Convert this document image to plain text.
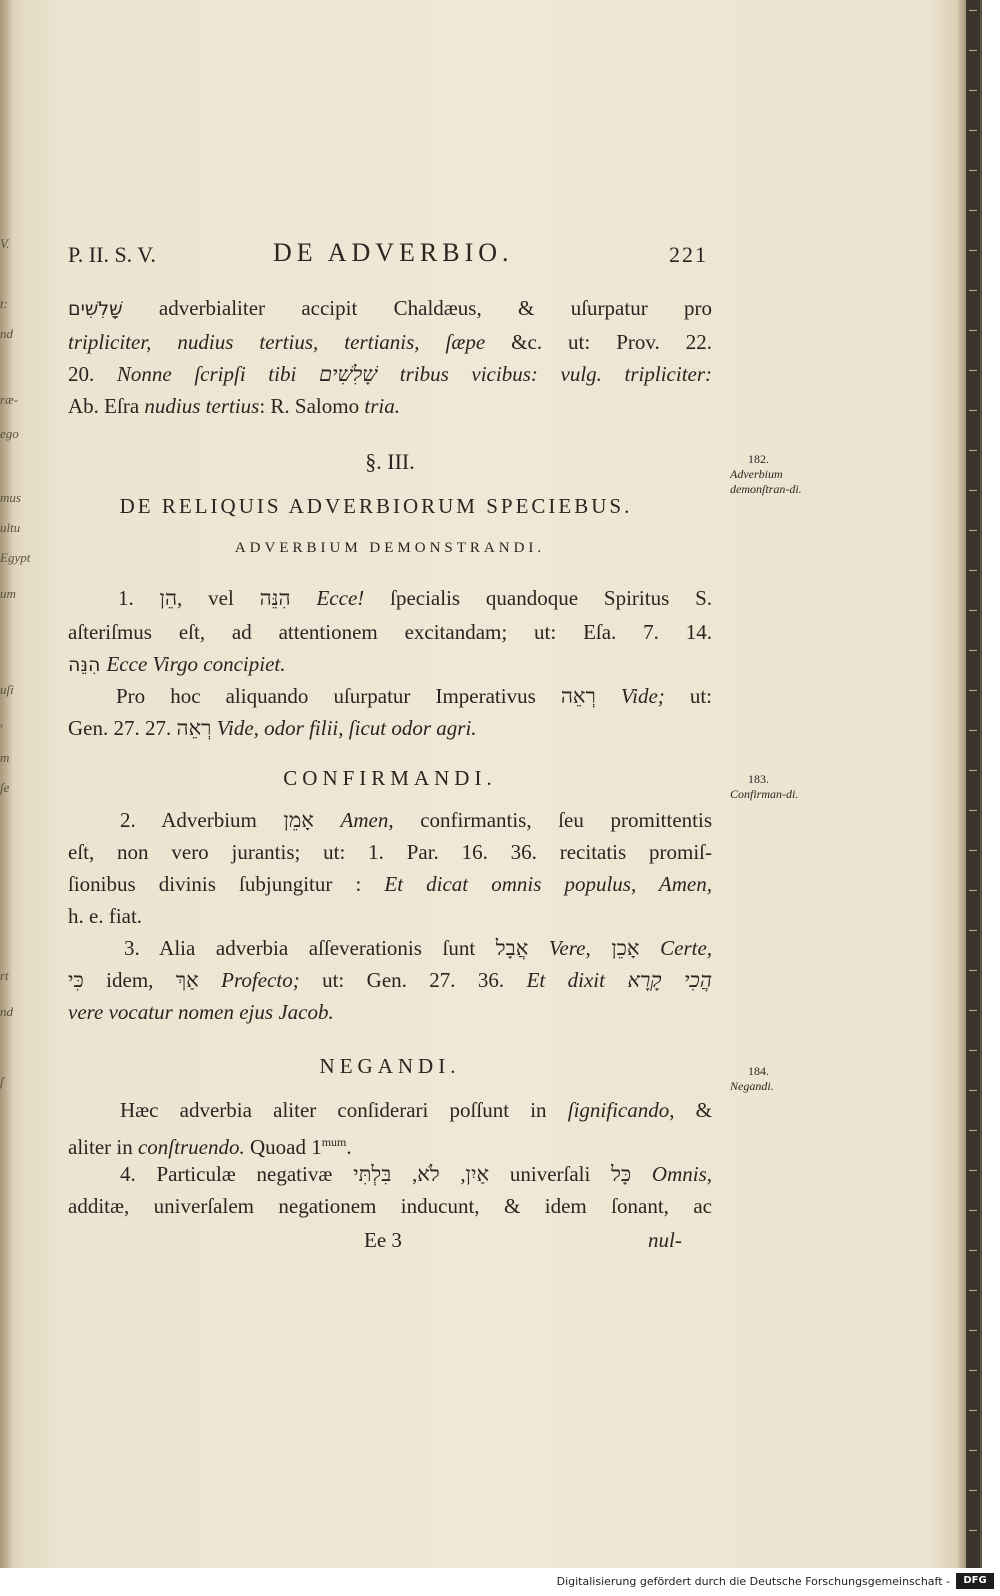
V.
t:
nd
ræ-
ego
mus
ultu
Egypt
um
uſi
,
m
ſe
rt
nd
ſ

P. II. S. V.	DE ADVERBIO.	221
שָׁלִשִׁים adverbialiter accipit Chaldæus, & uſurpatur pro
tripliciter, nudius tertius, tertianis, ſæpe &c. ut: Prov. 22.
20. Nonne ſcripſi tibi שָׁלִשִׁים tribus vicibus: vulg. tripliciter:
Ab. Eſra nudius tertius: R. Salomo tria.
§. III.
DE RELIQUIS ADVERBIORUM SPECIEBUS.
ADVERBIUM DEMONSTRANDI.
1. הֵן, vel הִנֵּה Ecce! ſpecialis quandoque Spiritus S.
aſteriſmus eſt, ad attentionem excitandam; ut: Eſa. 7. 14.
הִנֵּה Ecce Virgo concipiet.
Pro hoc aliquando uſurpatur Imperativus רְאֵה Vide; ut:
Gen. 27. 27. רְאֵה Vide, odor filii, ſicut odor agri.
CONFIRMANDI.
2. Adverbium אָמֵן Amen, confirmantis, ſeu promittentis
eſt, non vero jurantis; ut: 1. Par. 16. 36. recitatis promiſ-
ſionibus divinis ſubjungitur : Et dicat omnis populus, Amen,
h. e. fiat.
3. Alia adverbia aſſeverationis ſunt אֲבָל Vere, אָכֵן Certe,
כִּי idem, אַךְ Profecto; ut: Gen. 27. 36. Et dixit הֲכִי קָרָא
vere vocatur nomen ejus Jacob.
NEGANDI.
Hæc adverbia aliter conſiderari poſſunt in ſignificando, &
aliter in conſtruendo. Quoad $1^{mum}$.
4. Particulæ negativæ אַיִן, לֹא, בִּלְתִּי univerſali כָּל Omnis,
additæ, univerſalem negationem inducunt, & idem ſonant, ac
Ee 3	nul-
182.
Adverbium demonſtran-di.
183.
Confirman-di.
184.
Negandi.
Digitalisierung gefördert durch die Deutsche Forschungsgemeinschaft -	DFG
